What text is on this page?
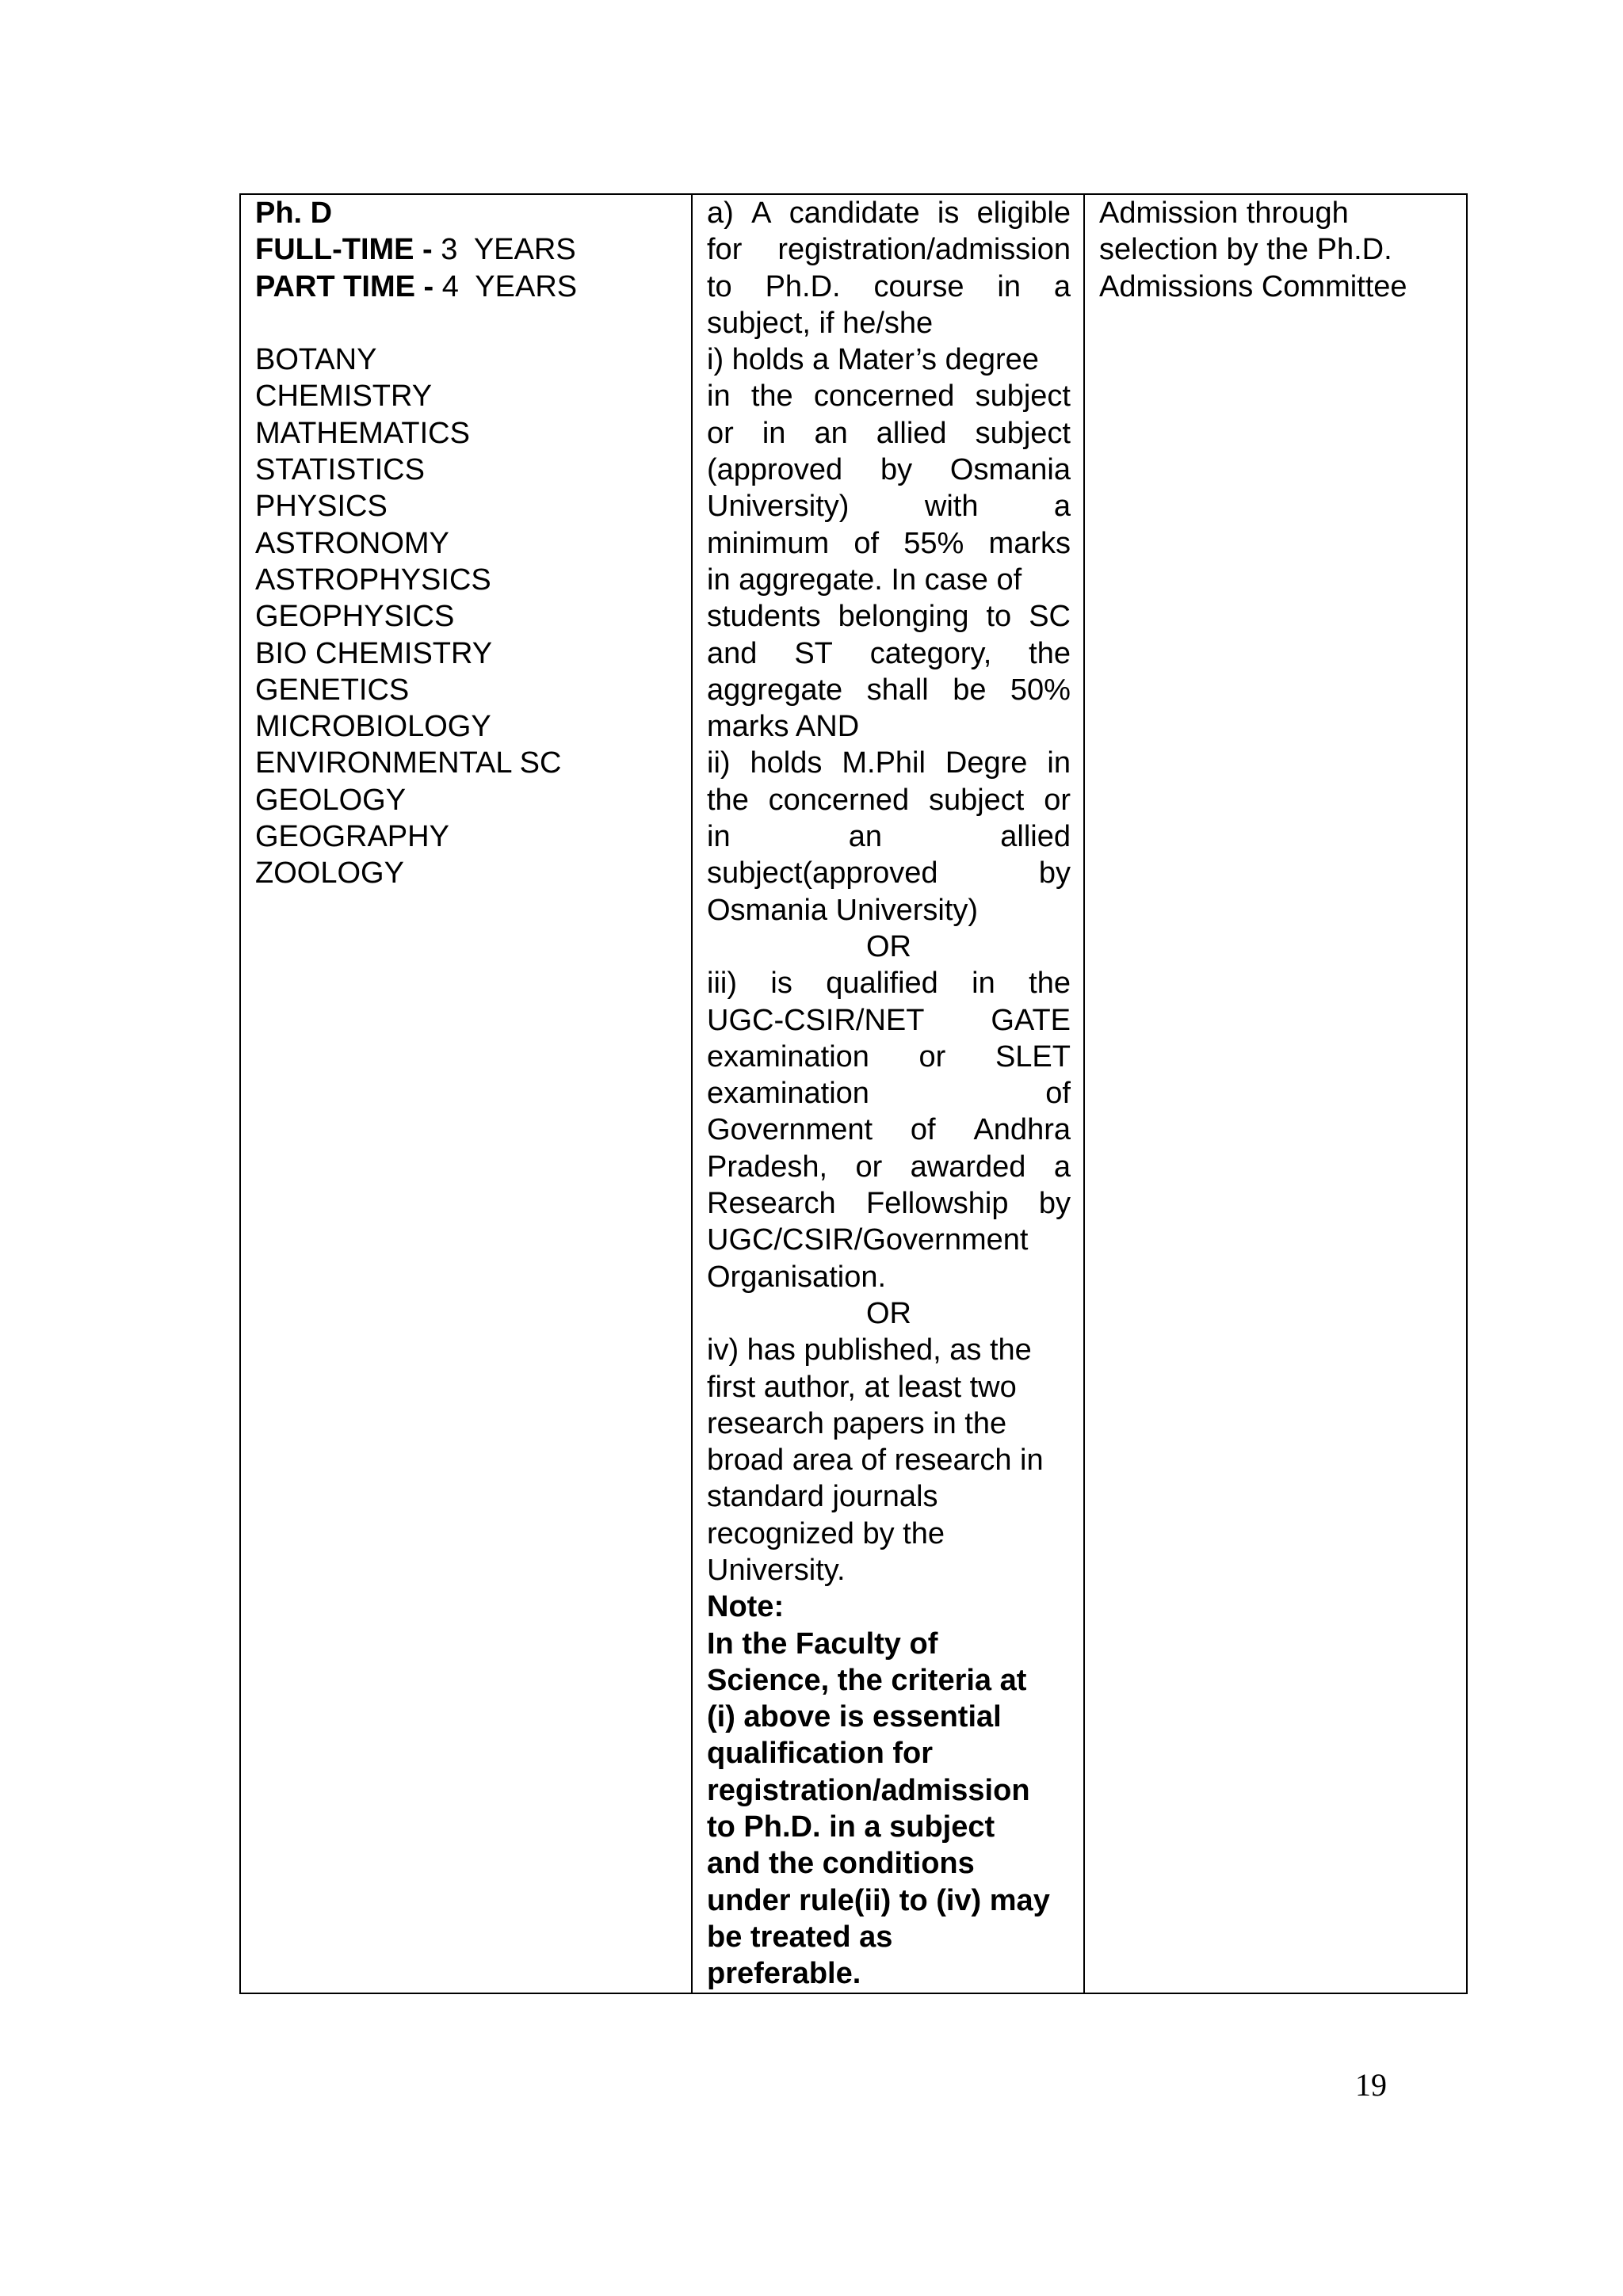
Ph. D
FULL-TIME - 3  YEARS
PART TIME - 4  YEARS
BOTANY
CHEMISTRY
MATHEMATICS
STATISTICS
PHYSICS
ASTRONOMY
ASTROPHYSICS
GEOPHYSICS
BIO CHEMISTRY
GENETICS
MICROBIOLOGY
ENVIRONMENTAL SC
GEOLOGY
GEOGRAPHY
ZOOLOGY

a) A candidate is eligible
for registration/admission
to Ph.D. course in a
subject, if he/she
i) holds a Mater’s degree
in the concerned subject
or in an allied subject
(approved by Osmania
University)	with	a
minimum of 55% marks
in aggregate. In case of
students belonging to SC
and ST category, the
aggregate shall be 50%
marks AND
ii) holds M.Phil Degre in
the concerned subject or
in	an	allied
subject(approved	by
Osmania University)
OR
iii) is qualified in the
UGC-CSIR/NET GATE
examination or SLET
examination	of
Government of Andhra
Pradesh, or awarded a
Research Fellowship by
UGC/CSIR/Government
Organisation.
OR
iv) has published, as the
first author, at least two
research papers in the
broad area of research in
standard journals
recognized by the
University.
Note:
In the Faculty of
Science, the criteria at
(i) above is essential
qualification for
registration/admission
to Ph.D. in a subject
and the conditions
under rule(ii) to (iv) may
be treated as
preferable.

Admission through
selection by the Ph.D.
Admissions Committee
19
